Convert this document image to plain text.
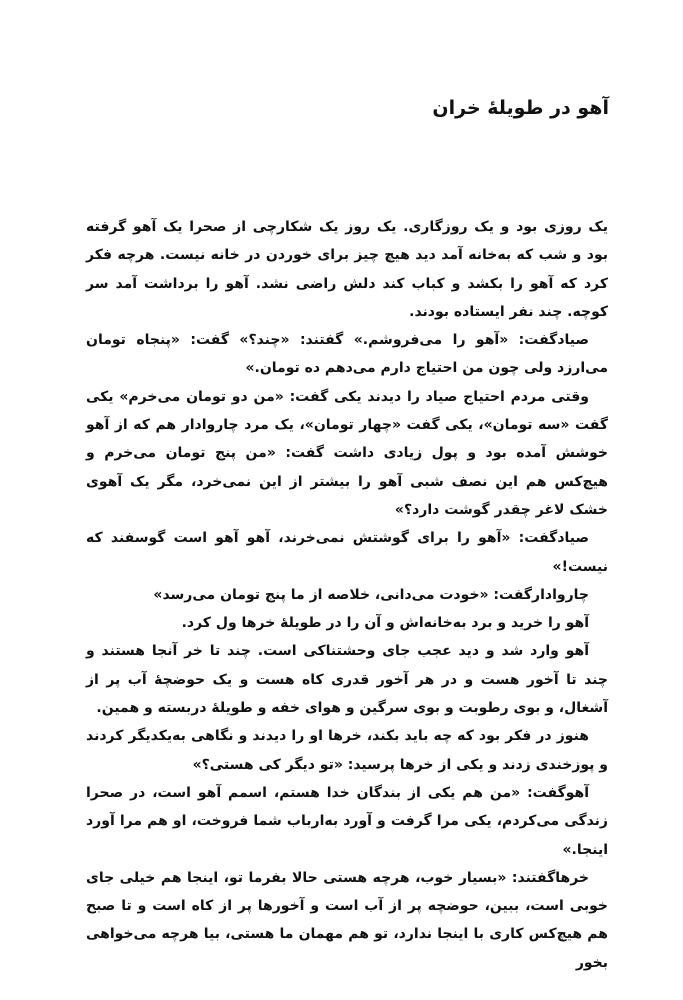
آهو در طویلهٔ خران

یک روزی بود و یک روزگاری. یک روز یک شکارچی از صحرا یک آهو گرفته بود و شب که به‌خانه آمد دید هیچ چیز برای خوردن در خانه نیست. هرچه فکر کرد که آهو را بکشد و کباب کند دلش راضی نشد. آهو را برداشت آمد سر کوچه. چند نفر ایستاده بودند.

صیادگفت: «آهو را می‌فروشم.» گفتند: «چند؟» گفت: «پنجاه تومان می‌ارزد ولی چون من احتیاج دارم می‌دهم ده تومان.»

وقتی مردم احتیاج صیاد را دیدند یکی گفت: «من دو تومان می‌خرم» یکی گفت «سه تومان»، یکی گفت «چهار تومان»، یک مرد چاروادار هم که از آهو خوشش آمده بود و پول زیادی داشت گفت: «من پنج تومان می‌خرم و هیچ‌کس هم این نصف شبی آهو را بیشتر از این نمی‌خرد، مگر یک آهوی خشک لاغر چقدر گوشت دارد؟»

صیادگفت: «آهو را برای گوشتش نمی‌خرند، آهو آهو است گوسفند که نیست!»

چاروادارگفت: «خودت می‌دانی، خلاصه از ما پنج تومان می‌رسد»

آهو را خرید و برد به‌خانه‌اش و آن را در طویلهٔ خرها ول کرد.

آهو وارد شد و دید عجب جای وحشتناکی است. چند تا خر آنجا هستند و چند تا آخور هست و در هر آخور قدری کاه هست و یک حوضچهٔ آب پر از آشغال، و بوی رطوبت و بوی سرگین و هوای خفه و طویلهٔ دربسته و همین.

هنوز در فکر بود که چه باید بکند، خرها او را دیدند و نگاهی به‌یکدیگر کردند و پوزخندی زدند و یکی از خرها پرسید: «تو دیگر کی هستی؟»

آهوگفت: «من هم یکی از بندگان خدا هستم، اسمم آهو است، در صحرا زندگی می‌کردم، یکی مرا گرفت و آورد به‌ارباب شما فروخت، او هم مرا آورد اینجا.»

خرهاگفتند: «بسیار خوب، هرچه هستی حالا بفرما تو، اینجا هم خیلی جای خوبی است، ببین، حوضچه پر از آب است و آخورها پر از کاه است و تا صبح هم هیچ‌کس کاری با اینجا ندارد، تو هم مهمان ما هستی، بیا هرچه می‌خواهی بخور
